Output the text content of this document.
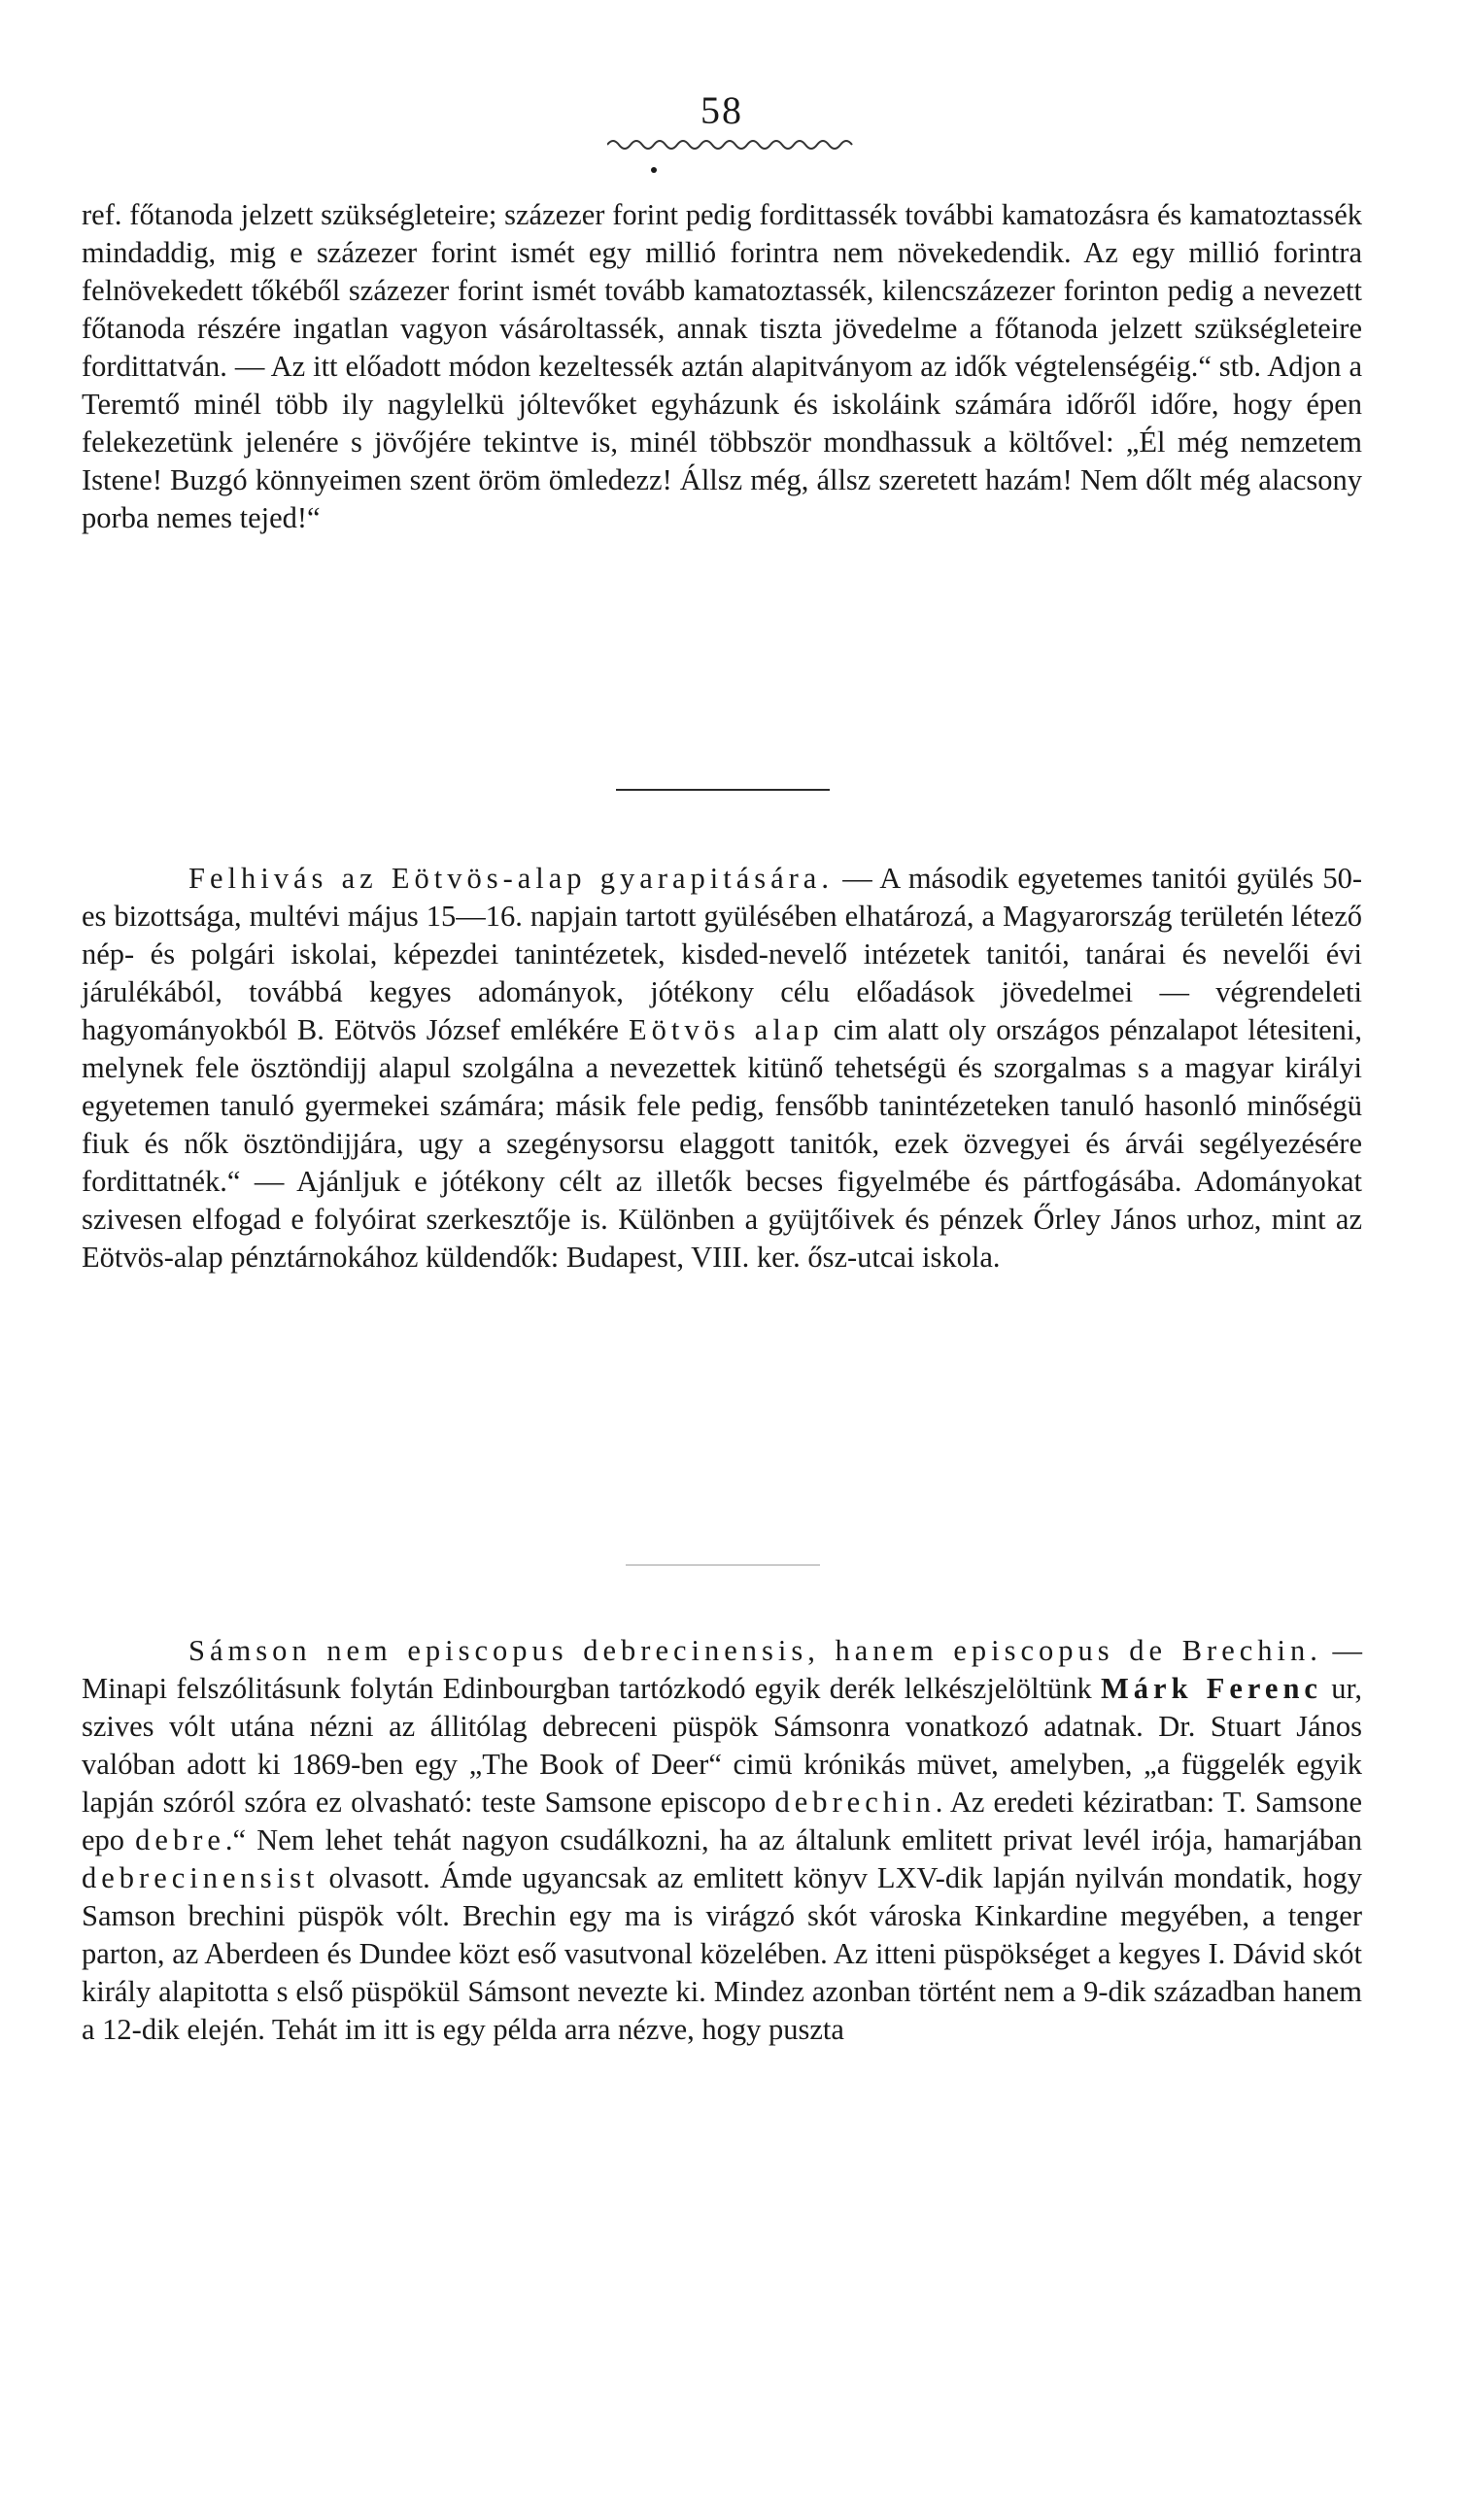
58

ref. főtanoda jelzett szükségleteire; százezer forint pedig fordittassék további kamatozásra és kamatoztassék mindaddig, mig e százezer forint ismét egy millió forintra nem növekedendik. Az egy millió forintra felnövekedett tőkéből százezer forint ismét tovább kamatoztassék, kilencszázezer forinton pedig a nevezett főtanoda részére ingatlan vagyon vásároltassék, annak tiszta jövedelme a főtanoda jelzett szükségleteire fordittatván. — Az itt előadott módon kezeltessék aztán alapitványom az idők végtelenségéig.“ stb. Adjon a Teremtő minél több ily nagylelkü jóltevőket egyházunk és iskoláink számára időről időre, hogy épen felekezetünk jelenére s jövőjére tekintve is, minél többször mondhassuk a költővel: „Él még nemzetem Istene! Buzgó könnyeimen szent öröm ömledezz! Állsz még, állsz szeretett hazám! Nem dőlt még alacsony porba nemes tejed!“

Felhivás az Eötvös-alap gyarapitására. — A második egyetemes tanitói gyülés 50-es bizottsága, multévi május 15—16. napjain tartott gyülésében elhatározá, a Magyarország területén létező nép- és polgári iskolai, képezdei tanintézetek, kisded-nevelő intézetek tanitói, tanárai és nevelői évi járulékából, továbbá kegyes adományok, jótékony célu előadások jövedelmei — végrendeleti hagyományokból B. Eötvös József emlékére Eötvös alap cim alatt oly országos pénzalapot létesiteni, melynek fele ösztöndijj alapul szolgálna a nevezettek kitünő tehetségü és szorgalmas s a magyar királyi egyetemen tanuló gyermekei számára; másik fele pedig, fensőbb tanintézeteken tanuló hasonló minőségü fiuk és nők ösztöndijjára, ugy a szegénysorsu elaggott tanitók, ezek özvegyei és árvái segélyezésére fordittatnék.“ — Ajánljuk e jótékony célt az illetők becses figyelmébe és pártfogásába. Adományokat szivesen elfogad e folyóirat szerkesztője is. Különben a gyüjtőivek és pénzek Őrley János urhoz, mint az Eötvös-alap pénztárnokához küldendők: Budapest, VIII. ker. ősz-utcai iskola.

Sámson nem episcopus debrecinensis, hanem episcopus de Brechin. — Minapi felszólitásunk folytán Edinbourgban tartózkodó egyik derék lelkészjelöltünk Márk Ferenc ur, szives vólt utána nézni az állitólag debreceni püspök Sámsonra vonatkozó adatnak. Dr. Stuart János valóban adott ki 1869-ben egy „The Book of Deer“ cimü krónikás müvet, amelyben, „a függelék egyik lapján szóról szóra ez olvasható: teste Samsone episcopo debrechin. Az eredeti kéziratban: T. Samsone epo debre.“ Nem lehet tehát nagyon csudálkozni, ha az általunk emlitett privat levél irója, hamarjában debrecinensist olvasott. Ámde ugyancsak az emlitett könyv LXV-dik lapján nyilván mondatik, hogy Samson brechini püspök vólt. Brechin egy ma is virágzó skót városka Kinkardine megyében, a tenger parton, az Aberdeen és Dundee közt eső vasutvonal közelében. Az itteni püspökséget a kegyes I. Dávid skót király alapitotta s első püspökül Sámsont nevezte ki. Mindez azonban történt nem a 9-dik században hanem a 12-dik elején. Tehát im itt is egy példa arra nézve, hogy puszta
